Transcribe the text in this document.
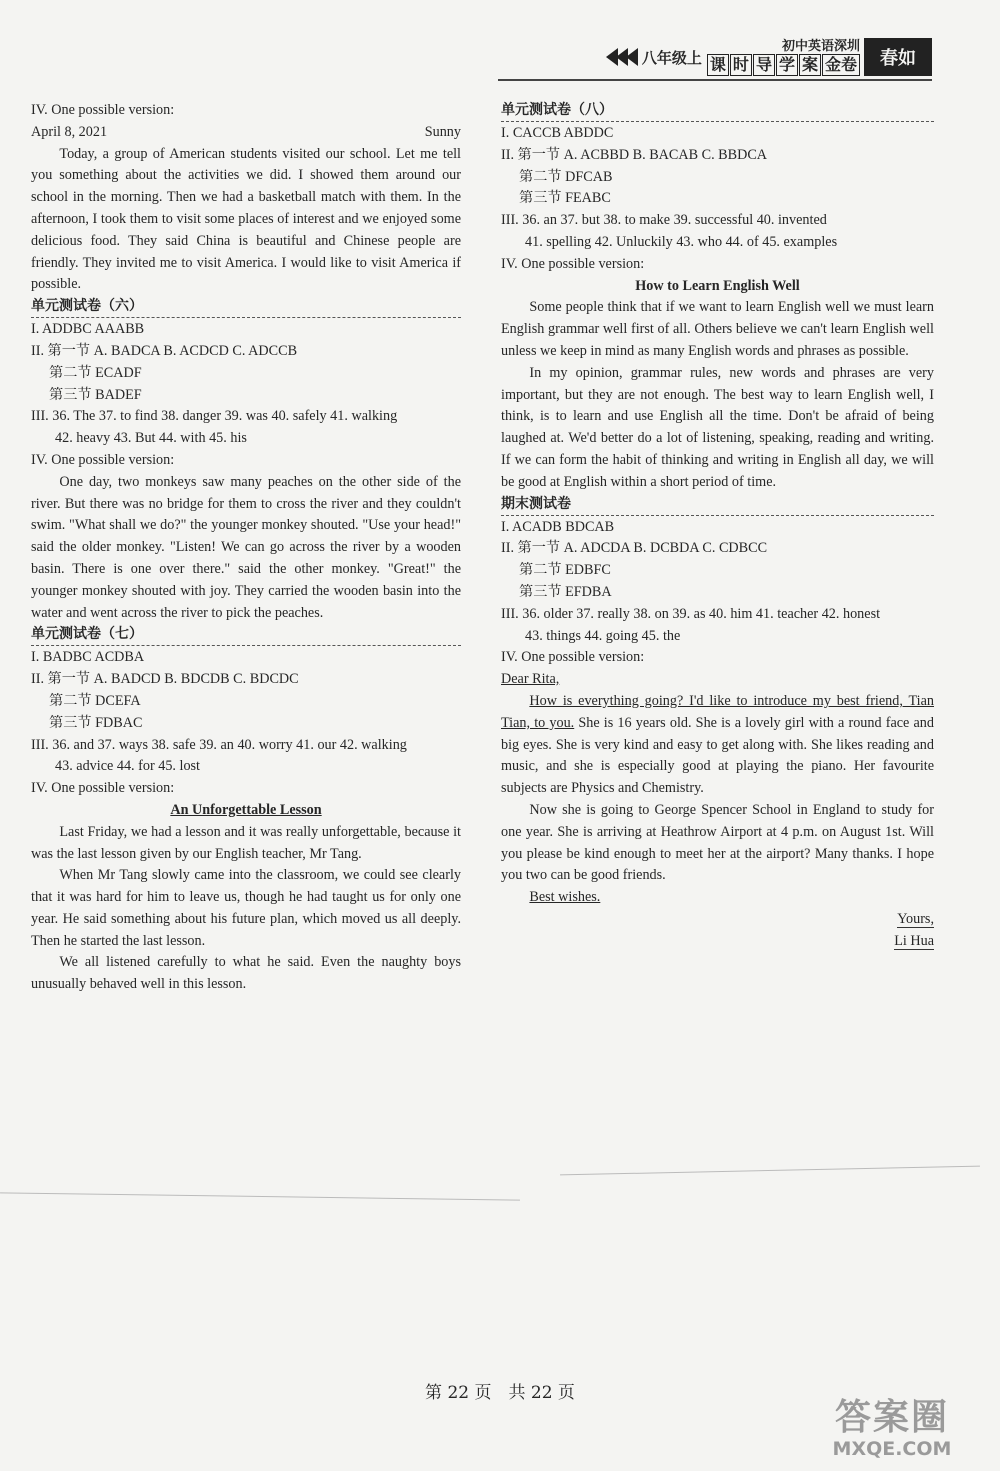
八年级上
初中英语深圳
课 时 导 学 案 金卷	春如
IV. One possible version:
April 8, 2021	Sunny

Today, a group of American students visited our school. Let me tell you something about the activities we did. I showed them around our school in the morning. Then we had a basketball match with them. In the afternoon, I took them to visit some places of interest and we enjoyed some delicious food. They said China is beautiful and Chinese people are friendly. They invited me to visit America. I would like to visit America if possible.

单元测试卷（六）
I. ADDBC AAABB
II. 第一节 A. BADCA B. ACDCD C. ADCCB
第二节 ECADF
第三节 BADEF
III. 36. The 37. to find 38. danger 39. was 40. safely 41. walking
42. heavy 43. But 44. with 45. his
IV. One possible version:

One day, two monkeys saw many peaches on the other side of the river. But there was no bridge for them to cross the river and they couldn't swim. "What shall we do?" the younger monkey shouted. "Use your head!" said the older monkey. "Listen! We can go across the river by a wooden basin. There is one over there." said the other monkey. "Great!" the younger monkey shouted with joy. They carried the wooden basin into the water and went across the river to pick the peaches.

单元测试卷（七）
I. BADBC ACDBA
II. 第一节 A. BADCD B. BDCDB C. BDCDC
第二节 DCEFA
第三节 FDBAC
III. 36. and 37. ways 38. safe 39. an 40. worry 41. our 42. walking
43. advice 44. for 45. lost
IV. One possible version:
An Unforgettable Lesson

Last Friday, we had a lesson and it was really unforgettable, because it was the last lesson given by our English teacher, Mr Tang.

When Mr Tang slowly came into the classroom, we could see clearly that it was hard for him to leave us, though he had taught us for only one year. He said something about his future plan, which moved us all deeply. Then he started the last lesson.

We all listened carefully to what he said. Even the naughty boys unusually behaved well in this lesson.

单元测试卷（八）
I. CACCB ABDDC
II. 第一节 A. ACBBD B. BACAB C. BBDCA
第二节 DFCAB
第三节 FEABC
III. 36. an 37. but 38. to make 39. successful 40. invented
41. spelling 42. Unluckily 43. who 44. of 45. examples
IV. One possible version:
How to Learn English Well

Some people think that if we want to learn English well we must learn English grammar well first of all. Others believe we can't learn English well unless we keep in mind as many English words and phrases as possible.

In my opinion, grammar rules, new words and phrases are very important, but they are not enough. The best way to learn English well, I think, is to learn and use English all the time. Don't be afraid of being laughed at. We'd better do a lot of listening, speaking, reading and writing. If we can form the habit of thinking and writing in English all day, we will be good at English within a short period of time.

期末测试卷
I. ACADB BDCAB
II. 第一节 A. ADCDA B. DCBDA C. CDBCC
第二节 EDBFC
第三节 EFDBA
III. 36. older 37. really 38. on 39. as 40. him 41. teacher 42. honest
43. things 44. going 45. the
IV. One possible version:
Dear Rita,

How is everything going? I'd like to introduce my best friend, Tian Tian, to you. She is 16 years old. She is a lovely girl with a round face and big eyes. She is very kind and easy to get along with. She likes reading and music, and she is especially good at playing the piano. Her favourite subjects are Physics and Chemistry.

Now she is going to George Spencer School in England to study for one year. She is arriving at Heathrow Airport at 4 p.m. on August 1st. Will you please be kind enough to meet her at the airport? Many thanks. I hope you two can be good friends.

Best wishes.

Yours,
Li Hua
第 22 页　共 22 页
答案圈
MXQE.COM
